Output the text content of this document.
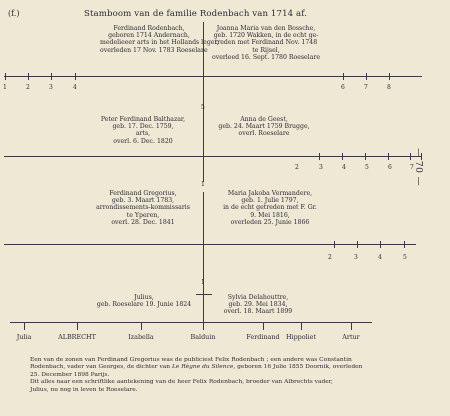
(f.)	Stamboom van de familie Rodenbach van 1714 af.
Ferdinand Rodenbach,
geboren 1714 Andernach,
medelieeer arts in het Hollands leger,
overleden 17 Nov. 1783 Roeselare
Joanna Maria van den Bossche,
geb. 1720 Wakken, in de echt ge-
treden met Ferdinand Nov. 1748
te Rijsel,
overleed 16. Sept. 1780 Roeselare
1	2	3	4	6	7	8
— 70 —
5
Peter Ferdinand Balthazar,
geb. 17. Dec. 1759,
arts,
overl. 6. Dec. 1820
Anna de Geest,
geb. 24. Maart 1759 Brugge,
overl. Roeselare
2	3	4	5	6	7
1
Ferdinand Gregorius,
geb. 3. Maart 1783,
arrondissements-kommissaris
te Yperen,
overl. 28. Dec. 1841
Maria Jakoba Vermandere,
geb. 1. Julie 1797,
in de echt getreden met F. Gr.
9. Mei 1816,
overleden 25. Junie 1866
2	3	4	5
1
Julius,
geb. Roeselare 19. Junie 1824
Sylvia Delahouttre,
geb. 29. Mei 1834,
overl. 18. Maart 1899
Julia	ALBRECHT	Izabella	Balduin	Ferdinand Hippoliet	Artur
Een van de zonen van Ferdinand Gregorius was de publiciest Felix Rodenbach ; een andere was Constantin
Rodenbach, vader van Georges, de dichter van Le Règne du Silence, geboren 16 Julie 1855 Doornik, overleden
25. December 1898 Parijs.
Dit alles naar een schriftlike aantekening van de heer Felix Rodenbach, broeder van Albrechts vader,
Julius, nu nog in leven te Roeselare.
